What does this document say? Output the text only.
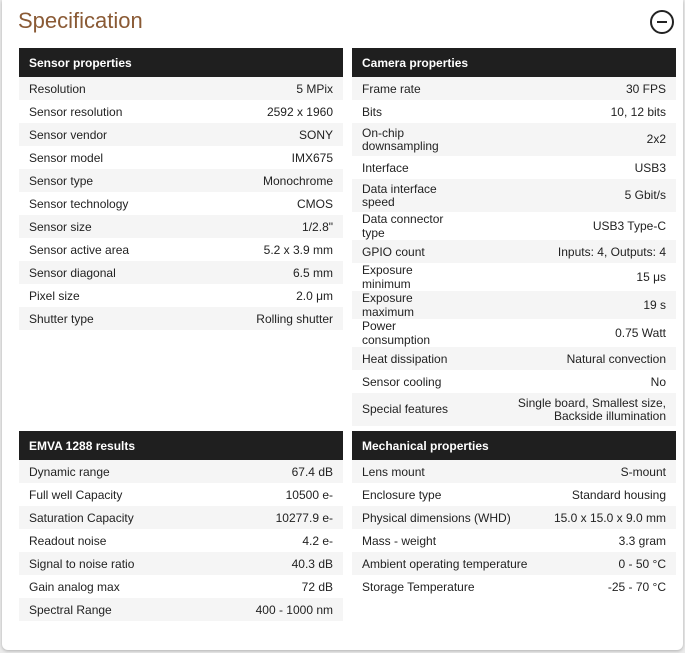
Specification
Sensor properties	
Resolution	5 MPix
Sensor resolution	2592 x 1960
Sensor vendor	SONY
Sensor model	IMX675
Sensor type	Monochrome
Sensor technology	CMOS
Sensor size	1/2.8"
Sensor active area	5.2 x 3.9 mm
Sensor diagonal	6.5 mm
Pixel size	2.0 μm
Shutter type	Rolling shutter
Camera properties	
Frame rate	30 FPS
Bits	10, 12 bits
On-chip downsampling	2x2
Interface	USB3
Data interface speed	5 Gbit/s
Data connector type	USB3 Type-C
GPIO count	Inputs: 4, Outputs: 4
Exposure minimum	15 μs
Exposure maximum	19 s
Power consumption	0.75 Watt
Heat dissipation	Natural convection
Sensor cooling	No
Special features	Single board, Smallest size, Backside illumination
EMVA 1288 results	
Dynamic range	67.4 dB
Full well Capacity	10500 e-
Saturation Capacity	10277.9 e-
Readout noise	4.2 e-
Signal to noise ratio	40.3 dB
Gain analog max	72 dB
Spectral Range	400 - 1000 nm
Mechanical properties	
Lens mount	S-mount
Enclosure type	Standard housing
Physical dimensions (WHD)	15.0 x 15.0 x 9.0 mm
Mass - weight	3.3 gram
Ambient operating temperature	0 - 50 °C
Storage Temperature	-25 - 70 °C
